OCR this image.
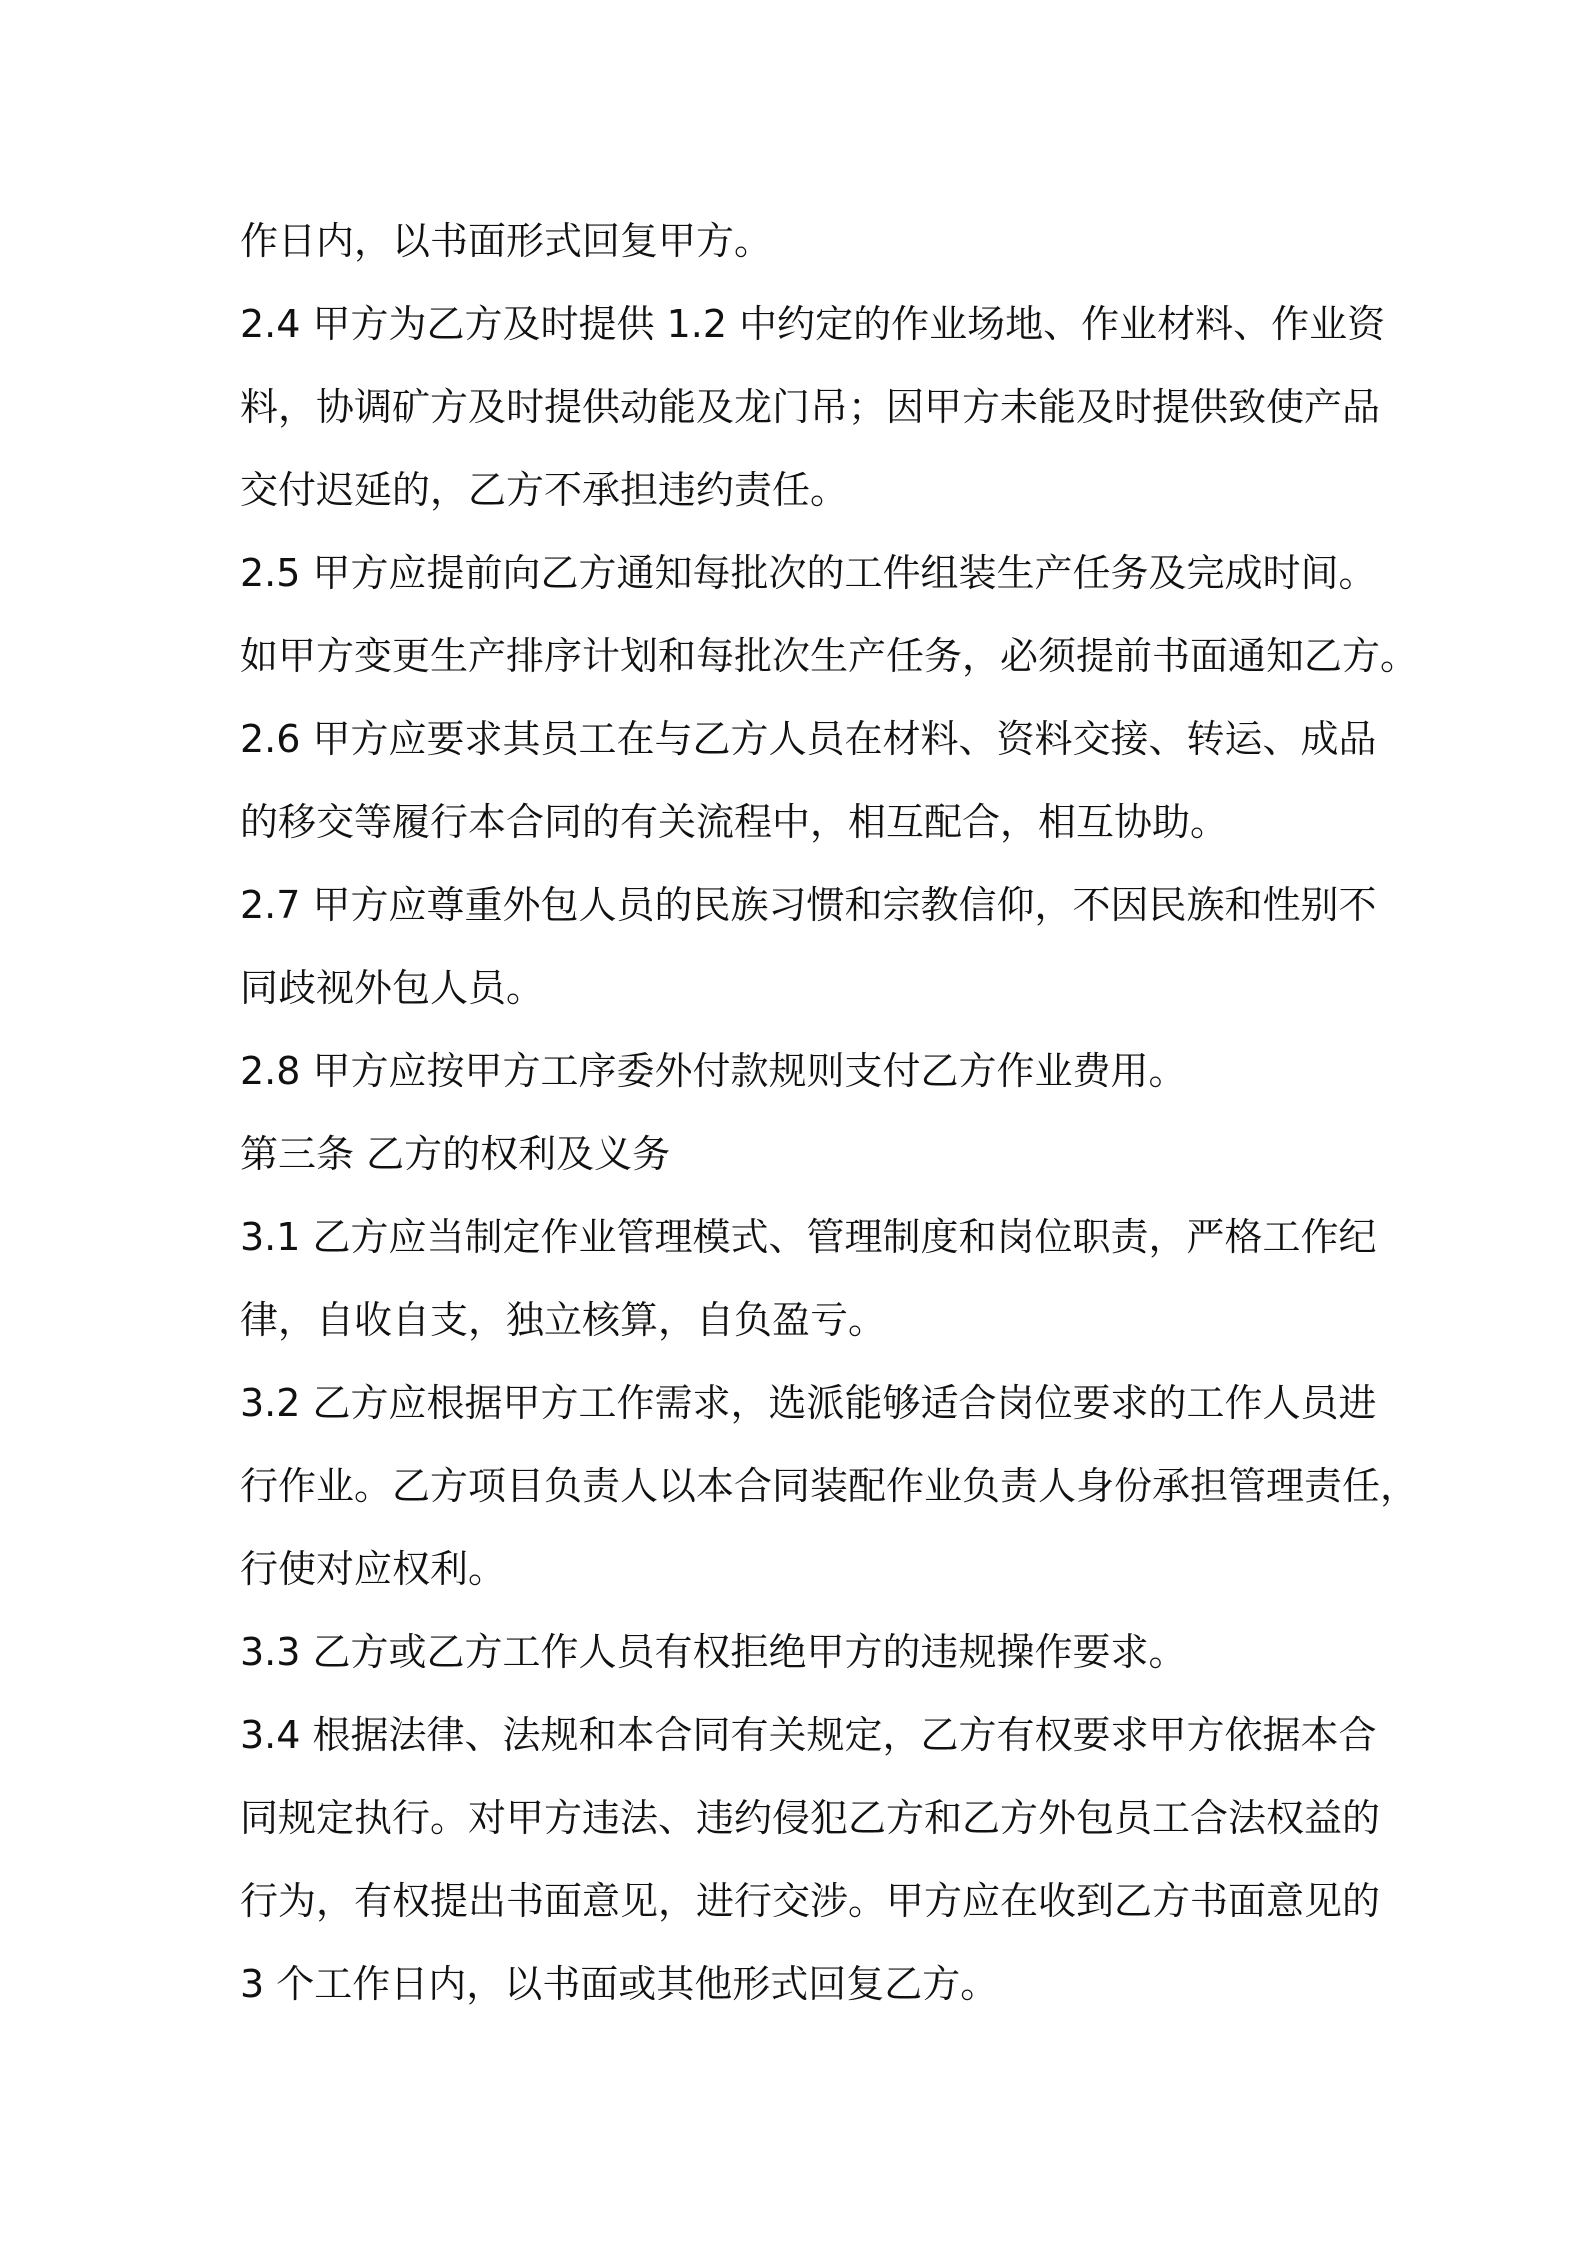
作日内，以书面形式回复甲方。
2.4 甲方为乙方及时提供 1.2 中约定的作业场地、作业材料、作业资
料，协调矿方及时提供动能及龙门吊；因甲方未能及时提供致使产品
交付迟延的，乙方不承担违约责任。
2.5 甲方应提前向乙方通知每批次的工件组装生产任务及完成时间。
如甲方变更生产排序计划和每批次生产任务，必须提前书面通知乙方。
2.6 甲方应要求其员工在与乙方人员在材料、资料交接、转运、成品
的移交等履行本合同的有关流程中，相互配合，相互协助。
2.7 甲方应尊重外包人员的民族习惯和宗教信仰，不因民族和性别不
同歧视外包人员。
2.8 甲方应按甲方工序委外付款规则支付乙方作业费用。
第三条 乙方的权利及义务
3.1 乙方应当制定作业管理模式、管理制度和岗位职责，严格工作纪
律，自收自支，独立核算，自负盈亏。
3.2 乙方应根据甲方工作需求，选派能够适合岗位要求的工作人员进
行作业。乙方项目负责人以本合同装配作业负责人身份承担管理责任，
行使对应权利。
3.3 乙方或乙方工作人员有权拒绝甲方的违规操作要求。
3.4 根据法律、法规和本合同有关规定，乙方有权要求甲方依据本合
同规定执行。对甲方违法、违约侵犯乙方和乙方外包员工合法权益的
行为，有权提出书面意见，进行交涉。甲方应在收到乙方书面意见的
3 个工作日内，以书面或其他形式回复乙方。
